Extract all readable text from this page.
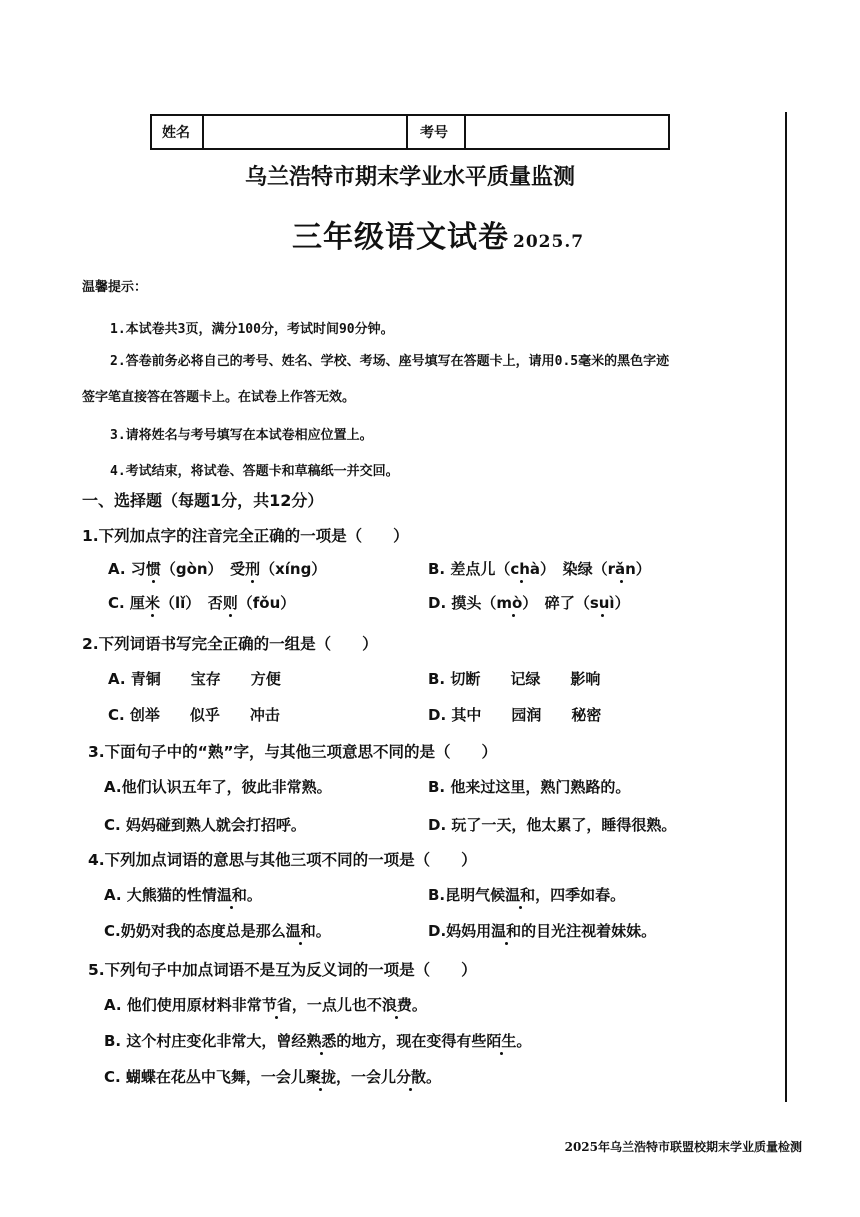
姓名	考号
乌兰浩特市期末学业水平质量监测
三年级语文试卷 2025.7
温馨提示：
1.本试卷共3页，满分100分，考试时间90分钟。
2.答卷前务必将自己的考号、姓名、学校、考场、座号填写在答题卡上，请用0.5毫米的黑色字迹
签字笔直接答在答题卡上。在试卷上作答无效。
3.请将姓名与考号填写在本试卷相应位置上。
4.考试结束，将试卷、答题卡和草稿纸一并交回。
一、选择题（每题1分，共12分）
1.下列加点字的注音完全正确的一项是（　　）
A. 习惯（gòn）　受刑（xíng）	B. 差点儿（chà）　染绿（rǎn）
C. 厘米（lǐ）　否则（fǒu）	D. 摸头（mò）　碎了（suì）
2.下列词语书写完全正确的一组是（　　）
A. 青铜　　宝存　　方便	B. 切断　　记绿　　影响
C. 创举　　似乎　　冲击	D. 其中　　园润　　秘密
3.下面句子中的“熟”字，与其他三项意思不同的是（　　）
A.他们认识五年了，彼此非常熟。	B. 他来过这里，熟门熟路的。
C. 妈妈碰到熟人就会打招呼。	D. 玩了一天，他太累了，睡得很熟。
4.下列加点词语的意思与其他三项不同的一项是（　　）
A. 大熊猫的性情温和。	B.昆明气候温和，四季如春。
C.奶奶对我的态度总是那么温和。	D.妈妈用温和的目光注视着妹妹。
5.下列句子中加点词语不是互为反义词的一项是（　　）
A. 他们使用原材料非常节省，一点儿也不浪费。
B. 这个村庄变化非常大，曾经熟悉的地方，现在变得有些陌生。
C. 蝴蝶在花丛中飞舞，一会儿聚拢，一会儿分散。
2025年乌兰浩特市联盟校期末学业质量检测
